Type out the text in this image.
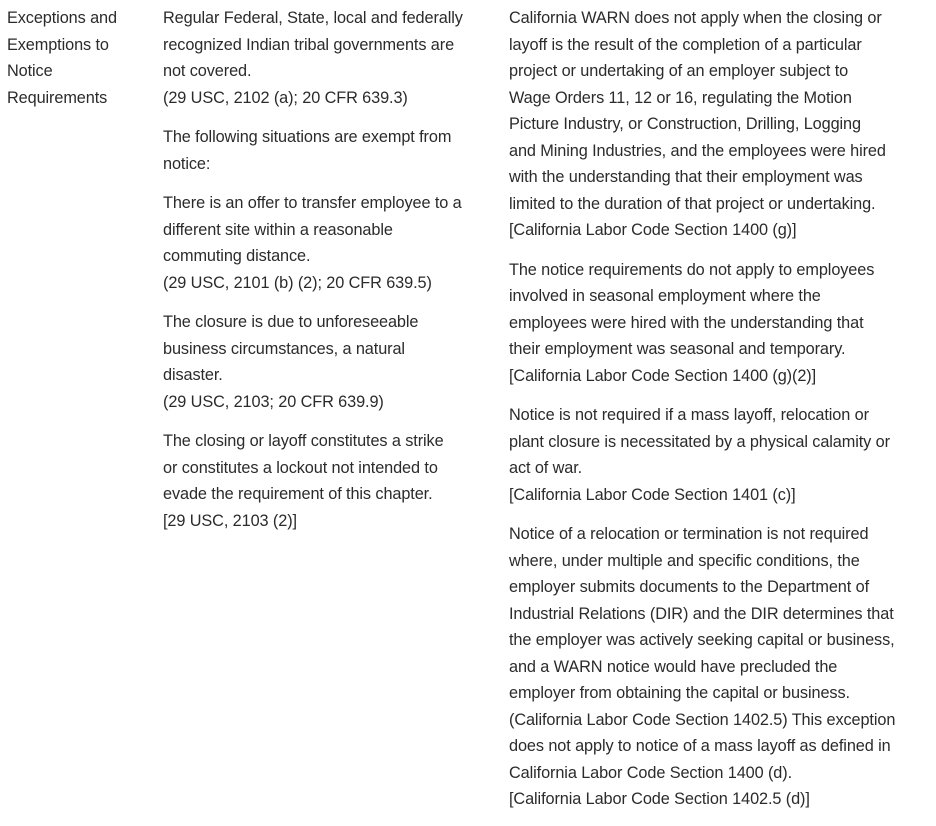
Exceptions and
Exemptions to
Notice
Requirements

Regular Federal, State, local and federally
recognized Indian tribal governments are
not covered.
(29 USC, 2102 (a); 20 CFR 639.3)

The following situations are exempt from
notice:

There is an offer to transfer employee to a
different site within a reasonable
commuting distance.
(29 USC, 2101 (b) (2); 20 CFR 639.5)

The closure is due to unforeseeable
business circumstances, a natural
disaster.
(29 USC, 2103; 20 CFR 639.9)

The closing or layoff constitutes a strike
or constitutes a lockout not intended to
evade the requirement of this chapter.
[29 USC, 2103 (2)]

California WARN does not apply when the closing or
layoff is the result of the completion of a particular
project or undertaking of an employer subject to
Wage Orders 11, 12 or 16, regulating the Motion
Picture Industry, or Construction, Drilling, Logging
and Mining Industries, and the employees were hired
with the understanding that their employment was
limited to the duration of that project or undertaking.
[California Labor Code Section 1400 (g)]

The notice requirements do not apply to employees
involved in seasonal employment where the
employees were hired with the understanding that
their employment was seasonal and temporary.
[California Labor Code Section 1400 (g)(2)]

Notice is not required if a mass layoff, relocation or
plant closure is necessitated by a physical calamity or
act of war.
[California Labor Code Section 1401 (c)]

Notice of a relocation or termination is not required
where, under multiple and specific conditions, the
employer submits documents to the Department of
Industrial Relations (DIR) and the DIR determines that
the employer was actively seeking capital or business,
and a WARN notice would have precluded the
employer from obtaining the capital or business.
(California Labor Code Section 1402.5) This exception
does not apply to notice of a mass layoff as defined in
California Labor Code Section 1400 (d).
[California Labor Code Section 1402.5 (d)]
